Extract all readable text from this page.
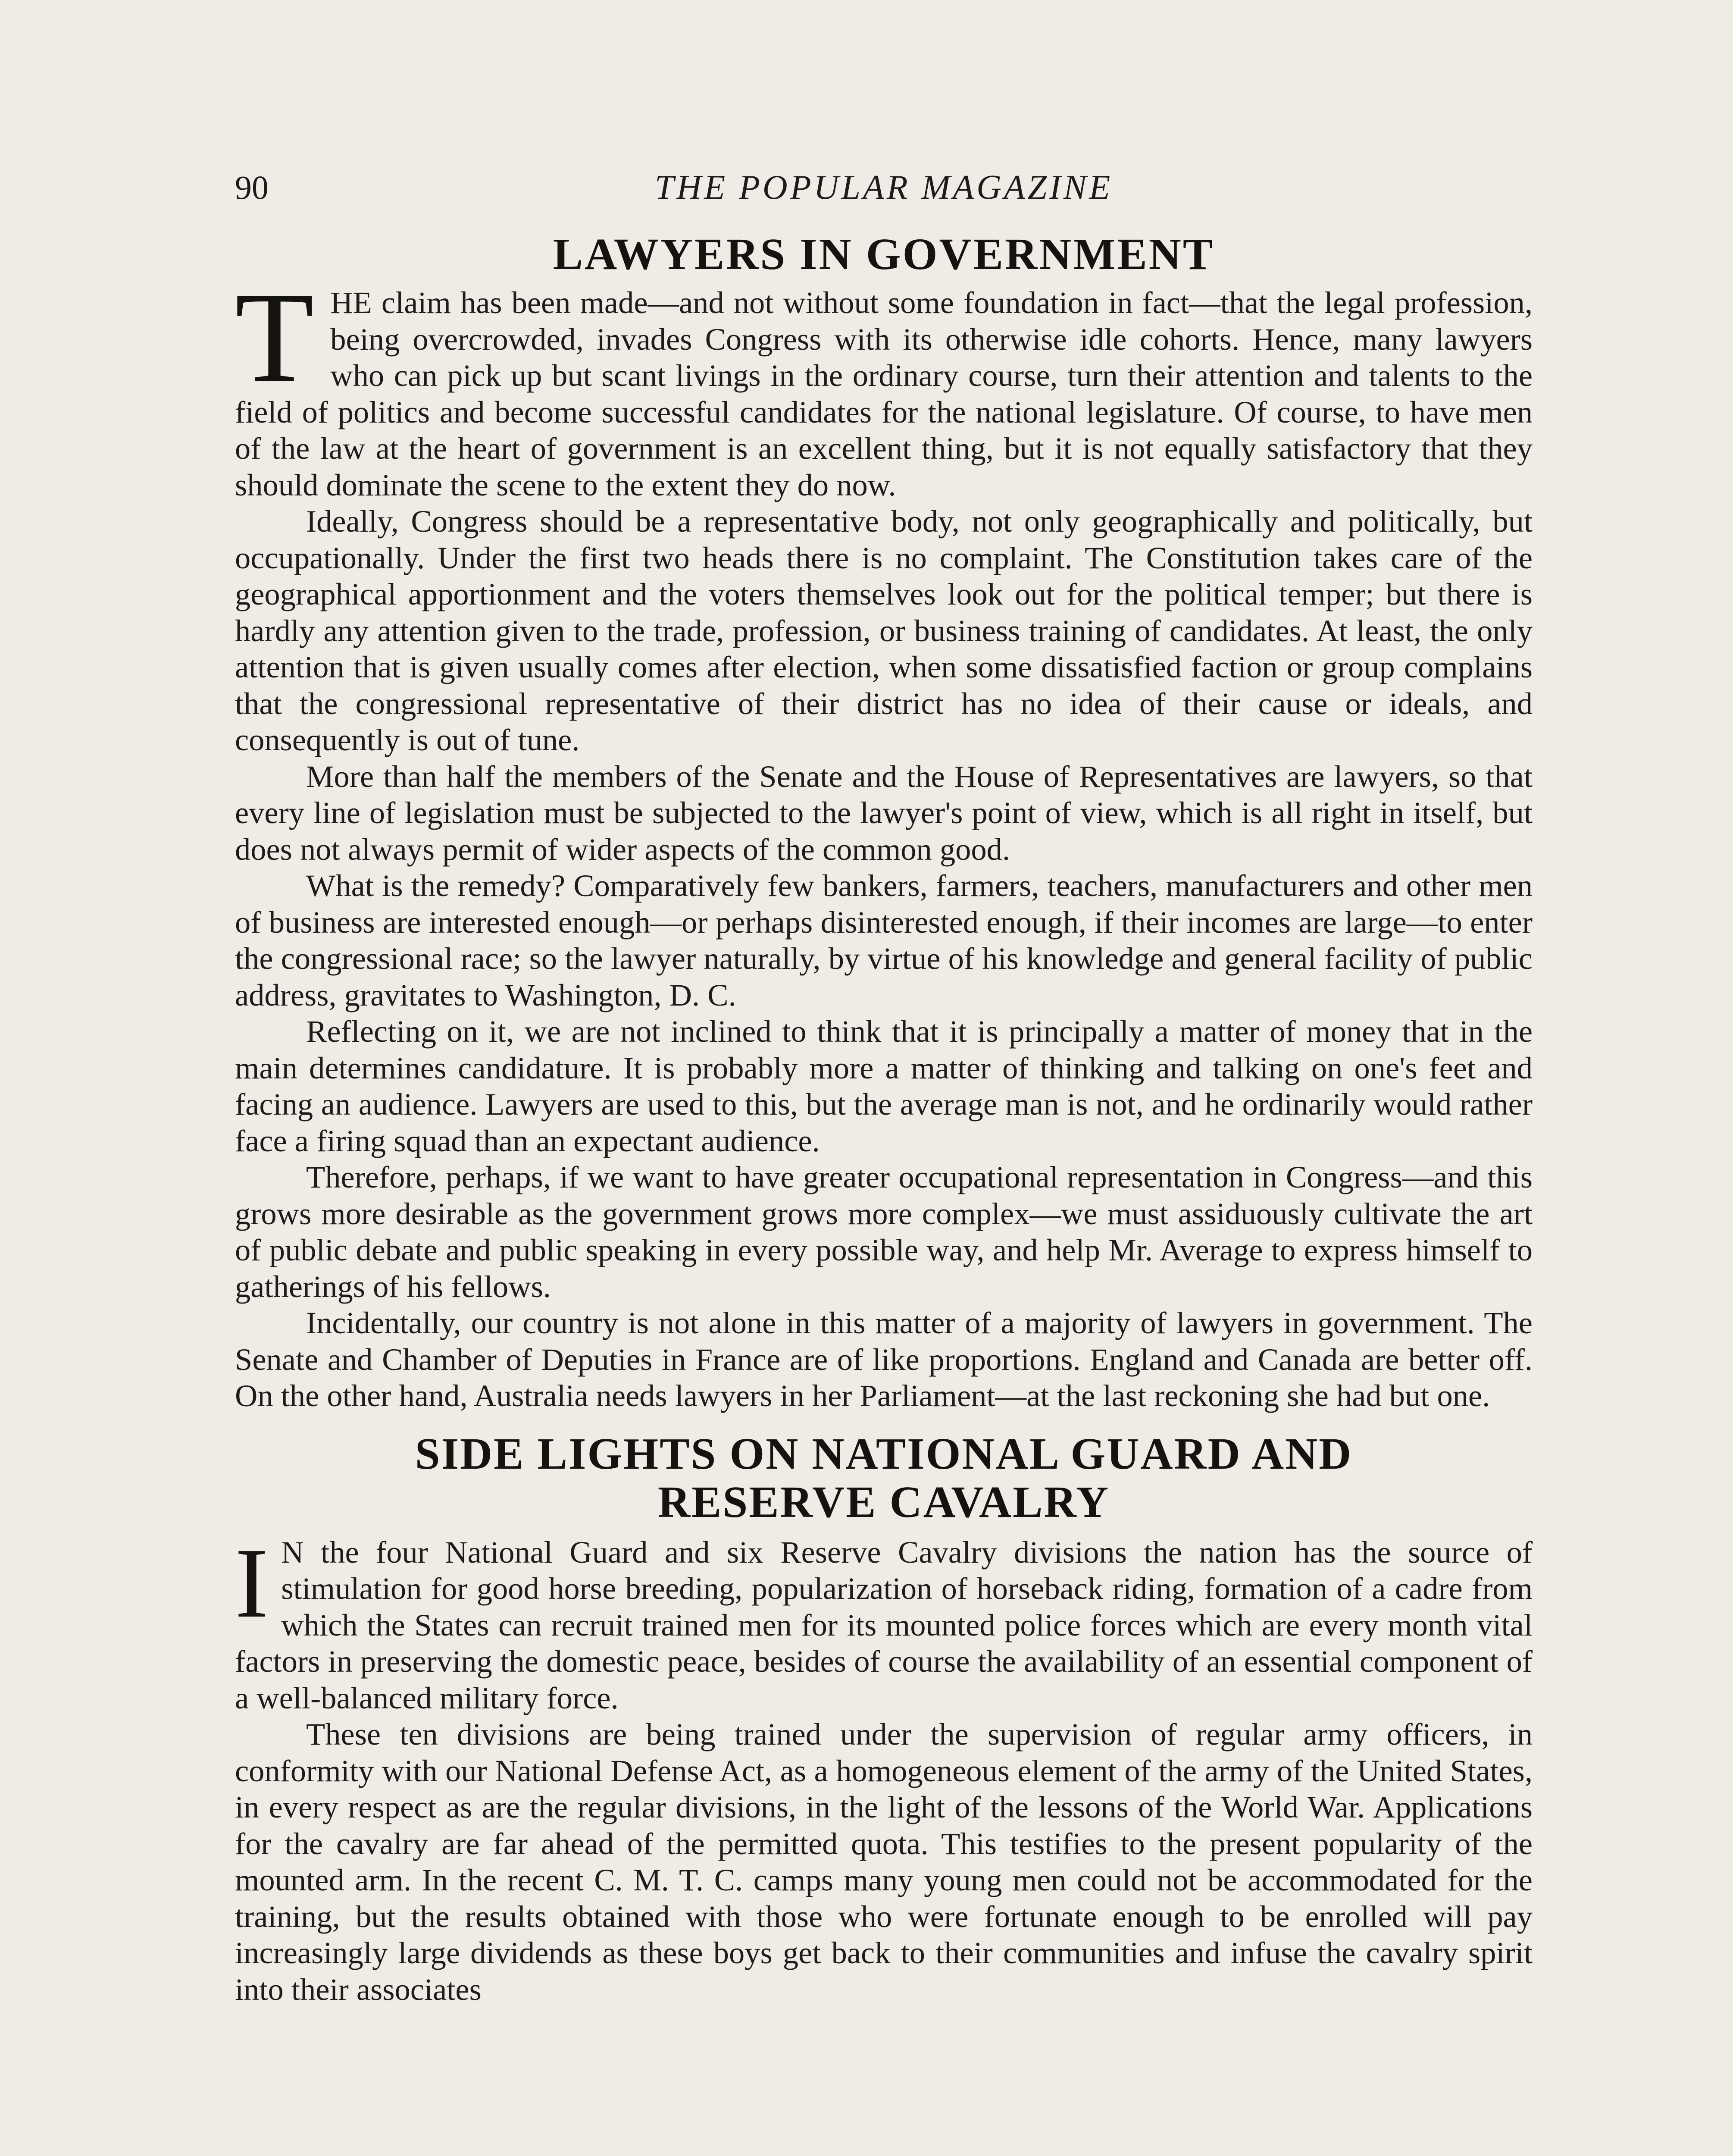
90	THE POPULAR MAGAZINE
LAWYERS IN GOVERNMENT

THE claim has been made—and not without some foundation in fact—that the legal profession, being overcrowded, invades Congress with its otherwise idle cohorts. Hence, many lawyers who can pick up but scant livings in the ordinary course, turn their attention and talents to the field of politics and become successful candidates for the national legislature. Of course, to have men of the law at the heart of government is an excellent thing, but it is not equally satisfactory that they should dominate the scene to the extent they do now.

Ideally, Congress should be a representative body, not only geographically and politically, but occupationally. Under the first two heads there is no complaint. The Constitution takes care of the geographical apportionment and the voters themselves look out for the political temper; but there is hardly any attention given to the trade, profession, or business training of candidates. At least, the only attention that is given usually comes after election, when some dissatisfied faction or group complains that the congressional representative of their district has no idea of their cause or ideals, and consequently is out of tune.

More than half the members of the Senate and the House of Representatives are lawyers, so that every line of legislation must be subjected to the lawyer's point of view, which is all right in itself, but does not always permit of wider aspects of the common good.

What is the remedy? Comparatively few bankers, farmers, teachers, manufacturers and other men of business are interested enough—or perhaps disinterested enough, if their incomes are large—to enter the congressional race; so the lawyer naturally, by virtue of his knowledge and general facility of public address, gravitates to Washington, D. C.

Reflecting on it, we are not inclined to think that it is principally a matter of money that in the main determines candidature. It is probably more a matter of thinking and talking on one's feet and facing an audience. Lawyers are used to this, but the average man is not, and he ordinarily would rather face a firing squad than an expectant audience.

Therefore, perhaps, if we want to have greater occupational representation in Congress—and this grows more desirable as the government grows more complex—we must assiduously cultivate the art of public debate and public speaking in every possible way, and help Mr. Average to express himself to gatherings of his fellows.

Incidentally, our country is not alone in this matter of a majority of lawyers in government. The Senate and Chamber of Deputies in France are of like proportions. England and Canada are better off. On the other hand, Australia needs lawyers in her Parliament—at the last reckoning she had but one.

SIDE LIGHTS ON NATIONAL GUARD AND
RESERVE CAVALRY

I N the four National Guard and six Reserve Cavalry divisions the nation has the source of stimulation for good horse breeding, popularization of horseback riding, formation of a cadre from which the States can recruit trained men for its mounted police forces which are every month vital factors in preserving the domestic peace, besides of course the availability of an essential component of a well-balanced military force.

These ten divisions are being trained under the supervision of regular army officers, in conformity with our National Defense Act, as a homogeneous element of the army of the United States, in every respect as are the regular divisions, in the light of the lessons of the World War. Applications for the cavalry are far ahead of the permitted quota. This testifies to the present popularity of the mounted arm. In the recent C. M. T. C. camps many young men could not be accommodated for the training, but the results obtained with those who were fortunate enough to be enrolled will pay increasingly large dividends as these boys get back to their communities and infuse the cavalry spirit into their associates
